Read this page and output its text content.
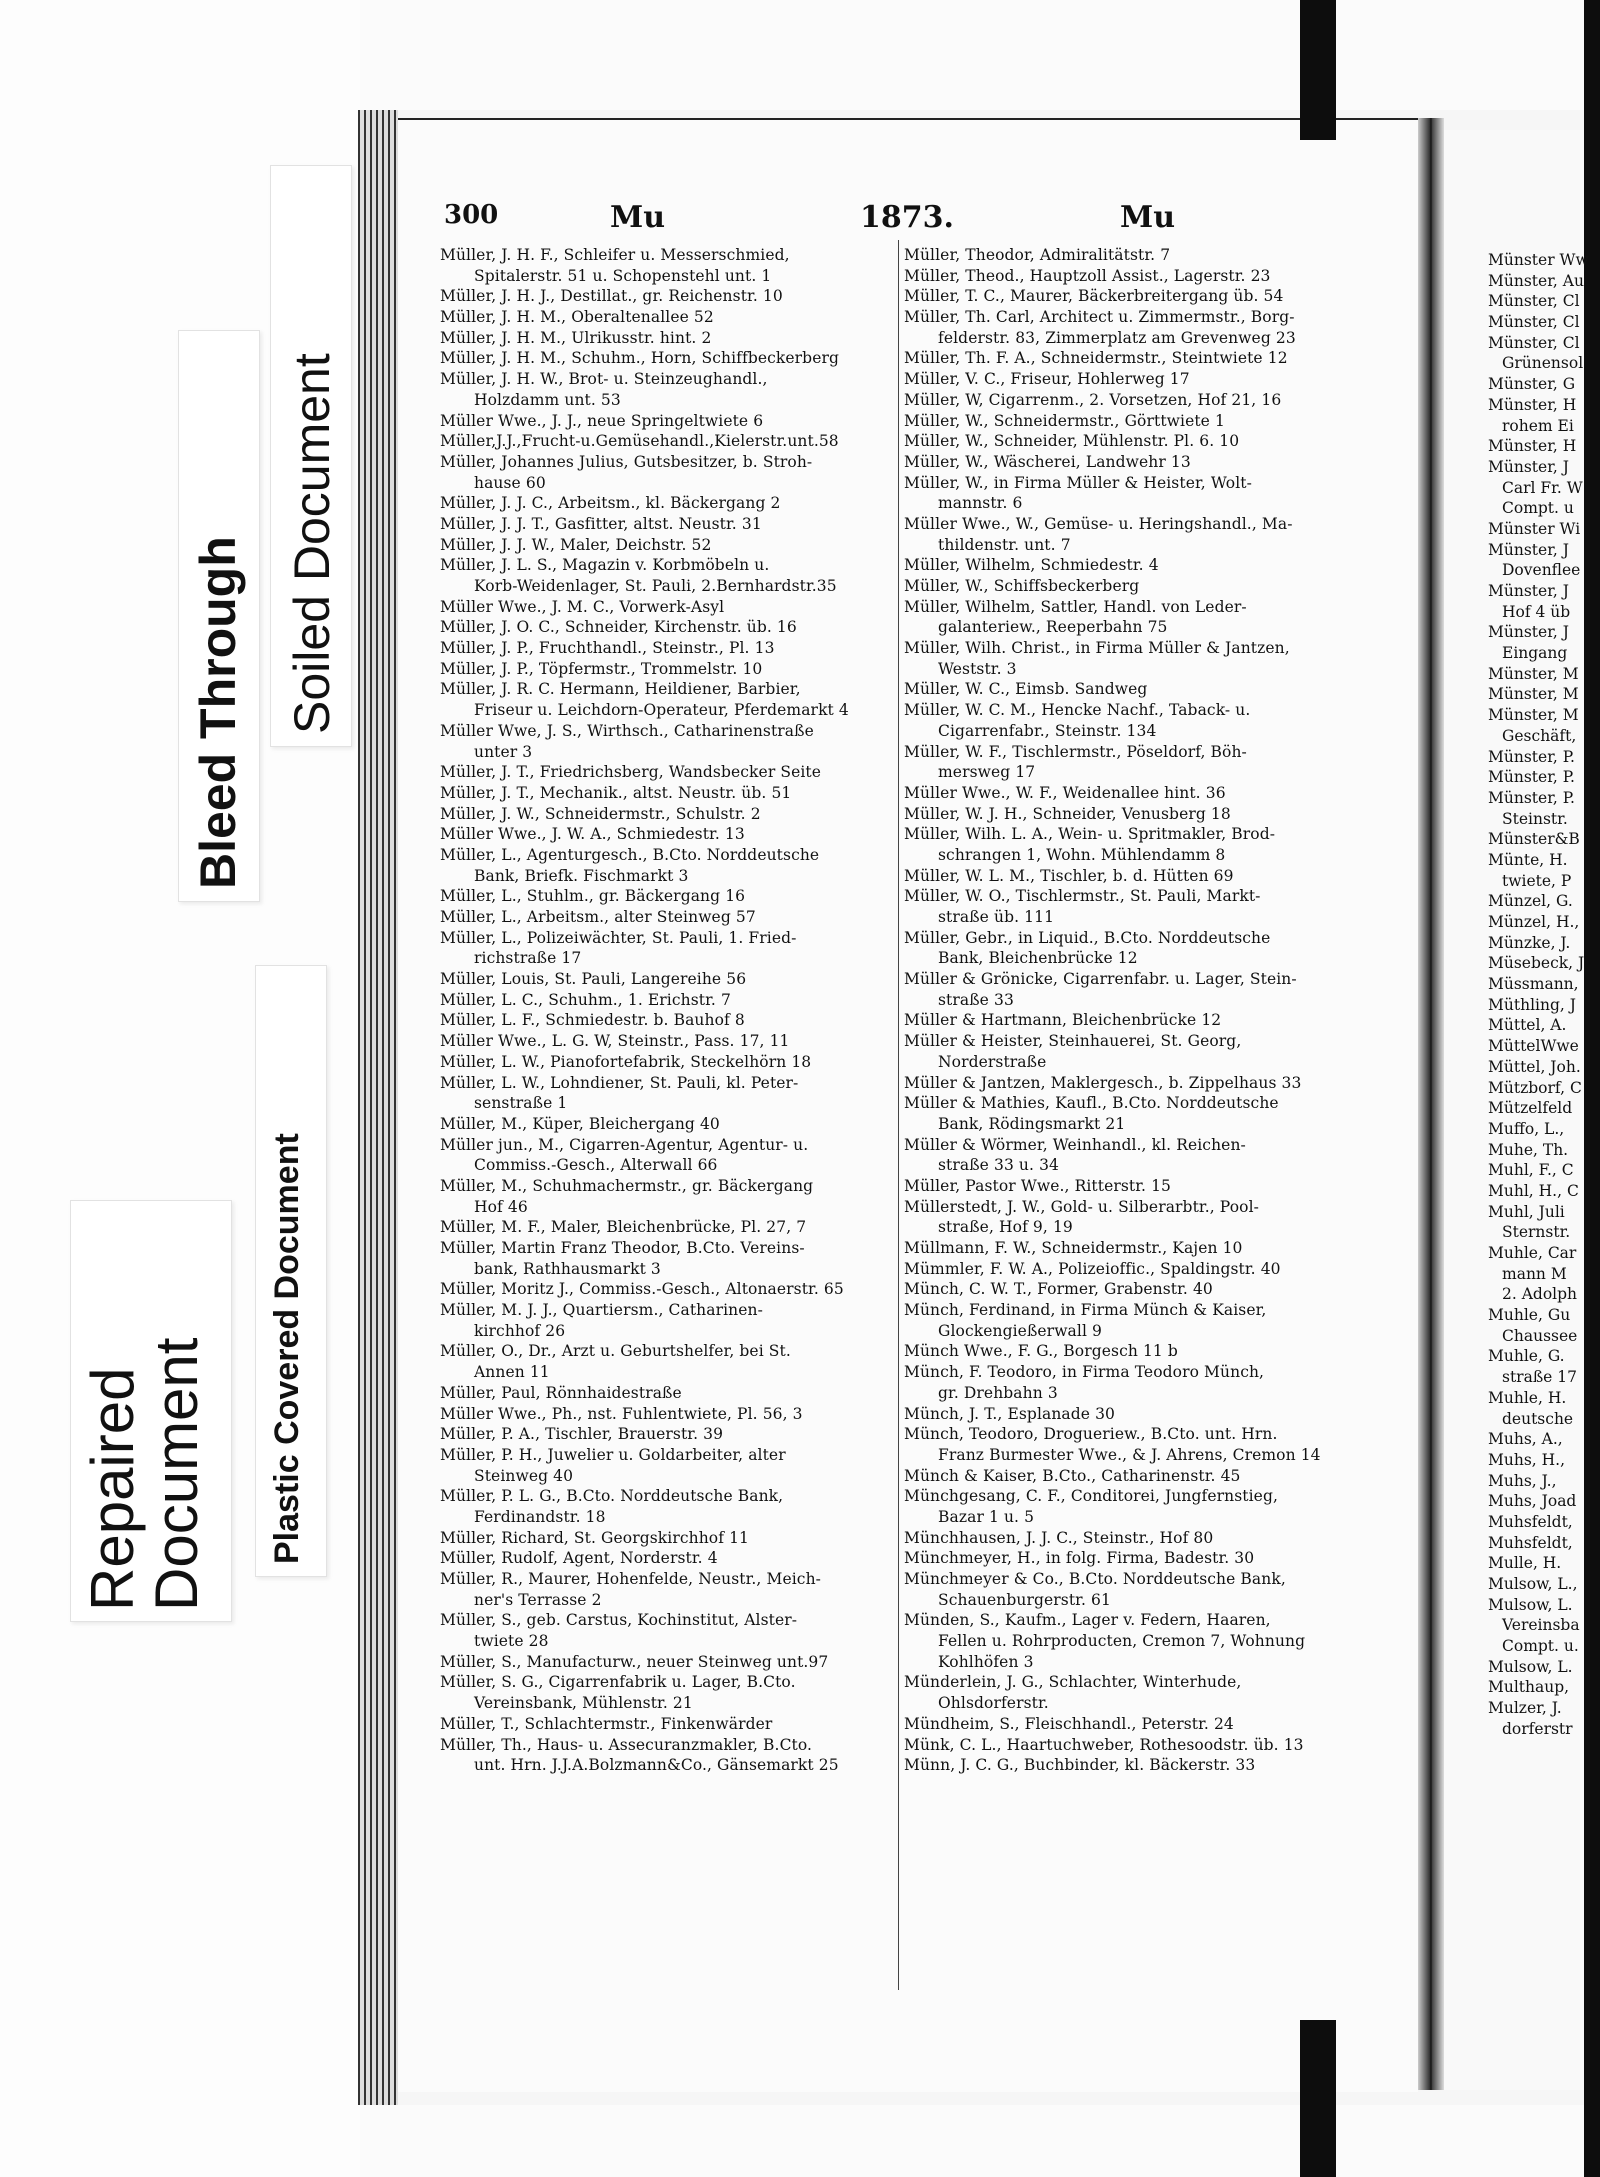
Bleed Through Soiled Document
Plastic Covered Document
Repaired Document
300	Mu	1873.	Mu
Müller, J. H. F., Schleifer u. Messerschmied,
Spitalerstr. 51 u. Schopenstehl unt. 1
Müller, J. H. J., Destillat., gr. Reichenstr. 10
Müller, J. H. M., Oberaltenallee 52
Müller, J. H. M., Ulrikusstr. hint. 2
Müller, J. H. M., Schuhm., Horn, Schiffbeckerberg
Müller, J. H. W., Brot- u. Steinzeughandl.,
Holzdamm unt. 53
Müller Wwe., J. J., neue Springeltwiete 6
Müller,J.J.,Frucht-u.Gemüsehandl.,Kielerstr.unt.58
Müller, Johannes Julius, Gutsbesitzer, b. Stroh-
hause 60
Müller, J. J. C., Arbeitsm., kl. Bäckergang 2
Müller, J. J. T., Gasfitter, altst. Neustr. 31
Müller, J. J. W., Maler, Deichstr. 52
Müller, J. L. S., Magazin v. Korbmöbeln u.
Korb-Weidenlager, St. Pauli, 2.Bernhardstr.35
Müller Wwe., J. M. C., Vorwerk-Asyl
Müller, J. O. C., Schneider, Kirchenstr. üb. 16
Müller, J. P., Fruchthandl., Steinstr., Pl. 13
Müller, J. P., Töpfermstr., Trommelstr. 10
Müller, J. R. C. Hermann, Heildiener, Barbier,
Friseur u. Leichdorn-Operateur, Pferdemarkt 4
Müller Wwe, J. S., Wirthsch., Catharinenstraße
unter 3
Müller, J. T., Friedrichsberg, Wandsbecker Seite
Müller, J. T., Mechanik., altst. Neustr. üb. 51
Müller, J. W., Schneidermstr., Schulstr. 2
Müller Wwe., J. W. A., Schmiedestr. 13
Müller, L., Agenturgesch., B.Cto. Norddeutsche
Bank, Briefk. Fischmarkt 3
Müller, L., Stuhlm., gr. Bäckergang 16
Müller, L., Arbeitsm., alter Steinweg 57
Müller, L., Polizeiwächter, St. Pauli, 1. Fried-
richstraße 17
Müller, Louis, St. Pauli, Langereihe 56
Müller, L. C., Schuhm., 1. Erichstr. 7
Müller, L. F., Schmiedestr. b. Bauhof 8
Müller Wwe., L. G. W, Steinstr., Pass. 17, 11
Müller, L. W., Pianofortefabrik, Steckelhörn 18
Müller, L. W., Lohndiener, St. Pauli, kl. Peter-
senstraße 1
Müller, M., Küper, Bleichergang 40
Müller jun., M., Cigarren-Agentur, Agentur- u.
Commiss.-Gesch., Alterwall 66
Müller, M., Schuhmachermstr., gr. Bäckergang
Hof 46
Müller, M. F., Maler, Bleichenbrücke, Pl. 27, 7
Müller, Martin Franz Theodor, B.Cto. Vereins-
bank, Rathhausmarkt 3
Müller, Moritz J., Commiss.-Gesch., Altonaerstr. 65
Müller, M. J. J., Quartiersm., Catharinen-
kirchhof 26
Müller, O., Dr., Arzt u. Geburtshelfer, bei St.
Annen 11
Müller, Paul, Rönnhaidestraße
Müller Wwe., Ph., nst. Fuhlentwiete, Pl. 56, 3
Müller, P. A., Tischler, Brauerstr. 39
Müller, P. H., Juwelier u. Goldarbeiter, alter
Steinweg 40
Müller, P. L. G., B.Cto. Norddeutsche Bank,
Ferdinandstr. 18
Müller, Richard, St. Georgskirchhof 11
Müller, Rudolf, Agent, Norderstr. 4
Müller, R., Maurer, Hohenfelde, Neustr., Meich-
ner's Terrasse 2
Müller, S., geb. Carstus, Kochinstitut, Alster-
twiete 28
Müller, S., Manufacturw., neuer Steinweg unt.97
Müller, S. G., Cigarrenfabrik u. Lager, B.Cto.
Vereinsbank, Mühlenstr. 21
Müller, T., Schlachtermstr., Finkenwärder
Müller, Th., Haus- u. Assecuranzmakler, B.Cto.
unt. Hrn. J.J.A.Bolzmann&Co., Gänsemarkt 25
Müller, Theodor, Admiralitätstr. 7
Müller, Theod., Hauptzoll Assist., Lagerstr. 23
Müller, T. C., Maurer, Bäckerbreitergang üb. 54
Müller, Th. Carl, Architect u. Zimmermstr., Borg-
felderstr. 83, Zimmerplatz am Grevenweg 23
Müller, Th. F. A., Schneidermstr., Steintwiete 12
Müller, V. C., Friseur, Hohlerweg 17
Müller, W, Cigarrenm., 2. Vorsetzen, Hof 21, 16
Müller, W., Schneidermstr., Görttwiete 1
Müller, W., Schneider, Mühlenstr. Pl. 6. 10
Müller, W., Wäscherei, Landwehr 13
Müller, W., in Firma Müller & Heister, Wolt-
mannstr. 6
Müller Wwe., W., Gemüse- u. Heringshandl., Ma-
thildenstr. unt. 7
Müller, Wilhelm, Schmiedestr. 4
Müller, W., Schiffsbeckerberg
Müller, Wilhelm, Sattler, Handl. von Leder-
galanteriew., Reeperbahn 75
Müller, Wilh. Christ., in Firma Müller & Jantzen,
Weststr. 3
Müller, W. C., Eimsb. Sandweg
Müller, W. C. M., Hencke Nachf., Taback- u.
Cigarrenfabr., Steinstr. 134
Müller, W. F., Tischlermstr., Pöseldorf, Böh-
mersweg 17
Müller Wwe., W. F., Weidenallee hint. 36
Müller, W. J. H., Schneider, Venusberg 18
Müller, Wilh. L. A., Wein- u. Spritmakler, Brod-
schrangen 1, Wohn. Mühlendamm 8
Müller, W. L. M., Tischler, b. d. Hütten 69
Müller, W. O., Tischlermstr., St. Pauli, Markt-
straße üb. 111
Müller, Gebr., in Liquid., B.Cto. Norddeutsche
Bank, Bleichenbrücke 12
Müller & Grönicke, Cigarrenfabr. u. Lager, Stein-
straße 33
Müller & Hartmann, Bleichenbrücke 12
Müller & Heister, Steinhauerei, St. Georg,
Norderstraße
Müller & Jantzen, Maklergesch., b. Zippelhaus 33
Müller & Mathies, Kaufl., B.Cto. Norddeutsche
Bank, Rödingsmarkt 21
Müller & Wörmer, Weinhandl., kl. Reichen-
straße 33 u. 34
Müller, Pastor Wwe., Ritterstr. 15
Müllerstedt, J. W., Gold- u. Silberarbtr., Pool-
straße, Hof 9, 19
Müllmann, F. W., Schneidermstr., Kajen 10
Mümmler, F. W. A., Polizeioffic., Spaldingstr. 40
Münch, C. W. T., Former, Grabenstr. 40
Münch, Ferdinand, in Firma Münch & Kaiser,
Glockengießerwall 9
Münch Wwe., F. G., Borgesch 11 b
Münch, F. Teodoro, in Firma Teodoro Münch,
gr. Drehbahn 3
Münch, J. T., Esplanade 30
Münch, Teodoro, Drogueriew., B.Cto. unt. Hrn.
Franz Burmester Wwe., & J. Ahrens, Cremon 14
Münch & Kaiser, B.Cto., Catharinenstr. 45
Münchgesang, C. F., Conditorei, Jungfernstieg,
Bazar 1 u. 5
Münchhausen, J. J. C., Steinstr., Hof 80
Münchmeyer, H., in folg. Firma, Badestr. 30
Münchmeyer & Co., B.Cto. Norddeutsche Bank,
Schauenburgerstr. 61
Münden, S., Kaufm., Lager v. Federn, Haaren,
Fellen u. Rohrproducten, Cremon 7, Wohnung
Kohlhöfen 3
Münderlein, J. G., Schlachter, Winterhude,
Ohlsdorferstr.
Mündheim, S., Fleischhandl., Peterstr. 24
Münk, C. L., Haartuchweber, Rothesoodstr. üb. 13
Münn, J. C. G., Buchbinder, kl. Bäckerstr. 33
Münster Ww
Münster, Au
Münster, Cl
Münster, Cl
Münster, Cl
Grünensol
Münster, G
Münster, H
rohem Ei
Münster, H
Münster, J
Carl Fr. W
Compt. u
Münster Wi
Münster, J
Dovenflee
Münster, J
Hof 4 üb
Münster, J
Eingang
Münster, M
Münster, M
Münster, M
Geschäft,
Münster, P.
Münster, P.
Münster, P.
Steinstr.
Münster&B
Münte, H.
twiete, P
Münzel, G.
Münzel, H.,
Münzke, J.
Müsebeck, J
Müssmann,
Müthling, J
Müttel, A.
MüttelWwe
Müttel, Joh.
Mützborf, C
Mützelfeld
Muffo, L.,
Muhe, Th.
Muhl, F., C
Muhl, H., C
Muhl, Juli
Sternstr.
Muhle, Car
mann M
2. Adolph
Muhle, Gu
Chaussee
Muhle, G.
straße 17
Muhle, H.
deutsche
Muhs, A.,
Muhs, H.,
Muhs, J.,
Muhs, Joad
Muhsfeldt,
Muhsfeldt,
Mulle, H.
Mulsow, L.,
Mulsow, L.
Vereinsba
Compt. u.
Mulsow, L.
Multhaup,
Mulzer, J.
dorferstr
